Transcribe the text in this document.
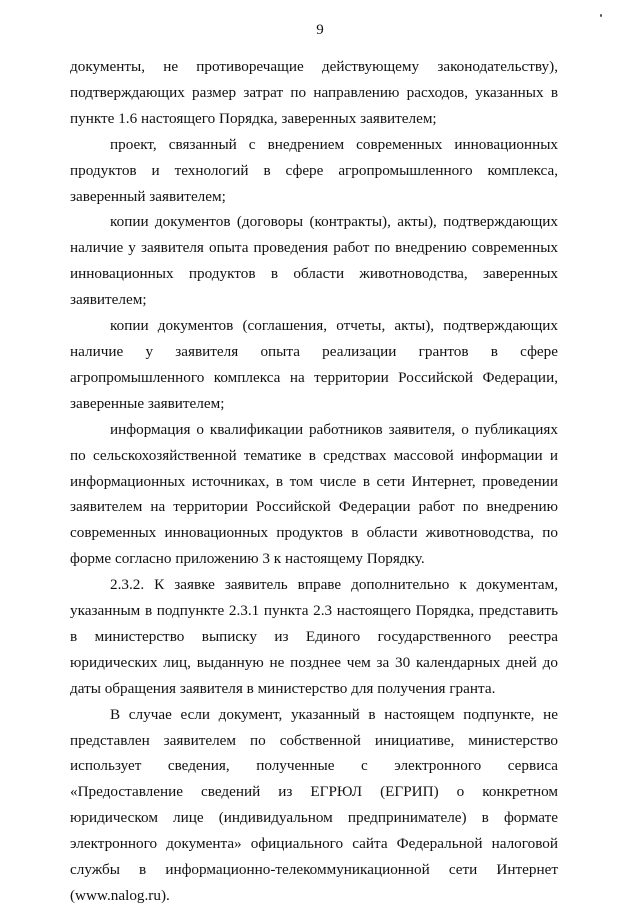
9

документы, не противоречащие действующему законодательству), подтверждающих размер затрат по направлению расходов, указанных в пункте 1.6 настоящего Порядка, заверенных заявителем;

проект, связанный с внедрением современных инновационных продуктов и технологий в сфере агропромышленного комплекса, заверенный заявителем;

копии документов (договоры (контракты), акты), подтверждающих наличие у заявителя опыта проведения работ по внедрению современных инновационных продуктов в области животноводства, заверенных заявителем;

копии документов (соглашения, отчеты, акты), подтверждающих наличие у заявителя опыта реализации грантов в сфере агропромышленного комплекса на территории Российской Федерации, заверенные заявителем;

информация о квалификации работников заявителя, о публикациях по сельскохозяйственной тематике в средствах массовой информации и информационных источниках, в том числе в сети Интернет, проведении заявителем на территории Российской Федерации работ по внедрению современных инновационных продуктов в области животноводства, по форме согласно приложению 3 к настоящему Порядку.

2.3.2. К заявке заявитель вправе дополнительно к документам, указанным в подпункте 2.3.1 пункта 2.3 настоящего Порядка, представить в министерство выписку из Единого государственного реестра юридических лиц, выданную не позднее чем за 30 календарных дней до даты обращения заявителя в министерство для получения гранта.

В случае если документ, указанный в настоящем подпункте, не представлен заявителем по собственной инициативе, министерство использует сведения, полученные с электронного сервиса «Предоставление сведений из ЕГРЮЛ (ЕГРИП) о конкретном юридическом лице (индивидуальном предпринимателе) в формате электронного документа» официального сайта Федеральной налоговой службы в информационно-телекоммуникационной сети Интернет (www.nalog.ru).
